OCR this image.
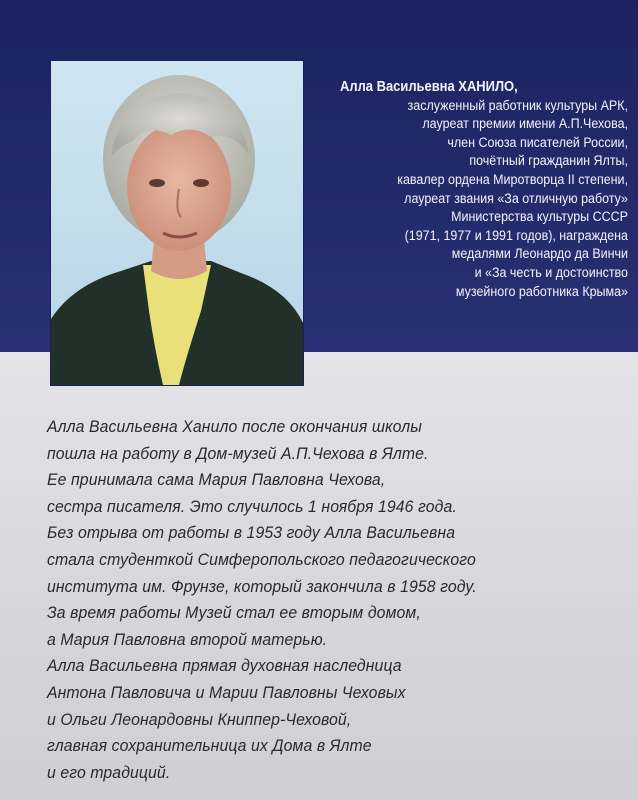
Алла Васильевна ХАНИЛО,
заслуженный работник культуры АРК,
лауреат премии имени А.П.Чехова,
член Союза писателей России,
почётный гражданин Ялты,
кавалер ордена Миротворца II степени,
лауреат звания «За отличную работу»
Министерства культуры СССР
(1971, 1977 и 1991 годов), награждена
медалями Леонардо да Винчи
и «За честь и достоинство
музейного работника Крыма»
Алла Васильевна Ханило после окончания школы
пошла на работу в Дом-музей А.П.Чехова в Ялте.
Ее принимала сама Мария Павловна Чехова,
сестра писателя. Это случилось 1 ноября 1946 года.
Без отрыва от работы в 1953 году Алла Васильевна
стала студенткой Симферопольского педагогического
института им. Фрунзе, который закончила в 1958 году.
За время работы Музей стал ее вторым домом,
а Мария Павловна второй матерью.
Алла Васильевна прямая духовная наследница
Антона Павловича и Марии Павловны Чеховых
и Ольги Леонардовны Книппер-Чеховой,
главная сохранительница их Дома в Ялте
и его традиций.
